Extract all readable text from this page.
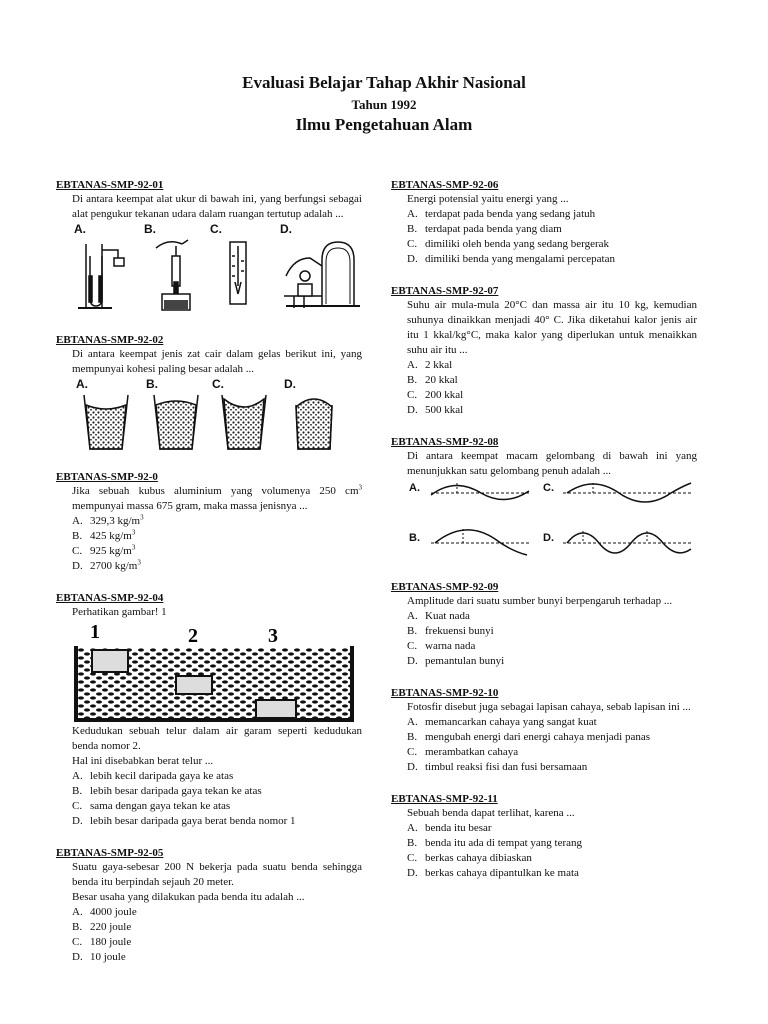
Evaluasi Belajar Tahap Akhir Nasional
Tahun 1992
Ilmu Pengetahuan Alam
EBTANAS-SMP-92-01

Di antara keempat alat ukur di bawah ini, yang berfungsi sebagai alat pengukur tekanan udara dalam ruangan tertutup adalah ...

A.	B.	C.	D.
EBTANAS-SMP-92-02

Di antara keempat jenis zat cair dalam gelas berikut ini, yang mempunyai kohesi paling besar adalah ...

A.	B.	C.	D.
EBTANAS-SMP-92-0

Jika sebuah kubus aluminium yang volumenya 250 $cm^3$ mempunyai massa 675 gram, maka massa jenisnya ...

A. 329,3 $kg/m^3$
B. 425 $kg/m^3$
C. 925 $kg/m^3$
D. 2700 $kg/m^3$
EBTANAS-SMP-92-04

Perhatikan gambar! 1

1	2	3

Kedudukan sebuah telur dalam air garam seperti kedudukan benda nomor 2.

Hal ini disebabkan berat telur ...

A. lebih kecil daripada gaya ke atas
B. lebih besar daripada gaya tekan ke atas
C. sama dengan gaya tekan ke atas
D. lebih besar daripada gaya berat benda nomor 1
EBTANAS-SMP-92-05

Suatu gaya-sebesar 200 N bekerja pada suatu benda sehingga benda itu berpindah sejauh 20 meter.

Besar usaha yang dilakukan pada benda itu adalah ...

A. 4000 joule
B. 220 joule
C. 180 joule
D. 10 joule
EBTANAS-SMP-92-06

Energi potensial yaitu energi yang ...

A. terdapat pada benda yang sedang jatuh
B. terdapat pada benda yang diam
C. dimiliki oleh benda yang sedang bergerak
D. dimiliki benda yang mengalami percepatan
EBTANAS-SMP-92-07

Suhu air mula-mula 20°C dan massa air itu 10 kg, kemudian suhunya dinaikkan menjadi 40° C. Jika diketahui kalor jenis air itu 1 kkal/kg°C, maka kalor yang diperlukan untuk menaikkan suhu air itu ...

A. 2 kkal
B. 20 kkal
C. 200 kkal
D. 500 kkal
EBTANAS-SMP-92-08

Di antara keempat macam gelombang di bawah ini yang menunjukkan satu gelombang penuh adalah ...

A.	C.
B.	D.
EBTANAS-SMP-92-09

Amplitude dari suatu sumber bunyi berpengaruh terhadap ...

A. Kuat nada
B. frekuensi bunyi
C. warna nada
D. pemantulan bunyi
EBTANAS-SMP-92-10

Fotosfir disebut juga sebagai lapisan cahaya, sebab lapisan ini ...

A. memancarkan cahaya yang sangat kuat
B. mengubah energi dari energi cahaya menjadi panas
C. merambatkan cahaya
D. timbul reaksi fisi dan fusi bersamaan
EBTANAS-SMP-92-11

Sebuah benda dapat terlihat, karena ...

A. benda itu besar
B. benda itu ada di tempat yang terang
C. berkas cahaya dibiaskan
D. berkas cahaya dipantulkan ke mata
